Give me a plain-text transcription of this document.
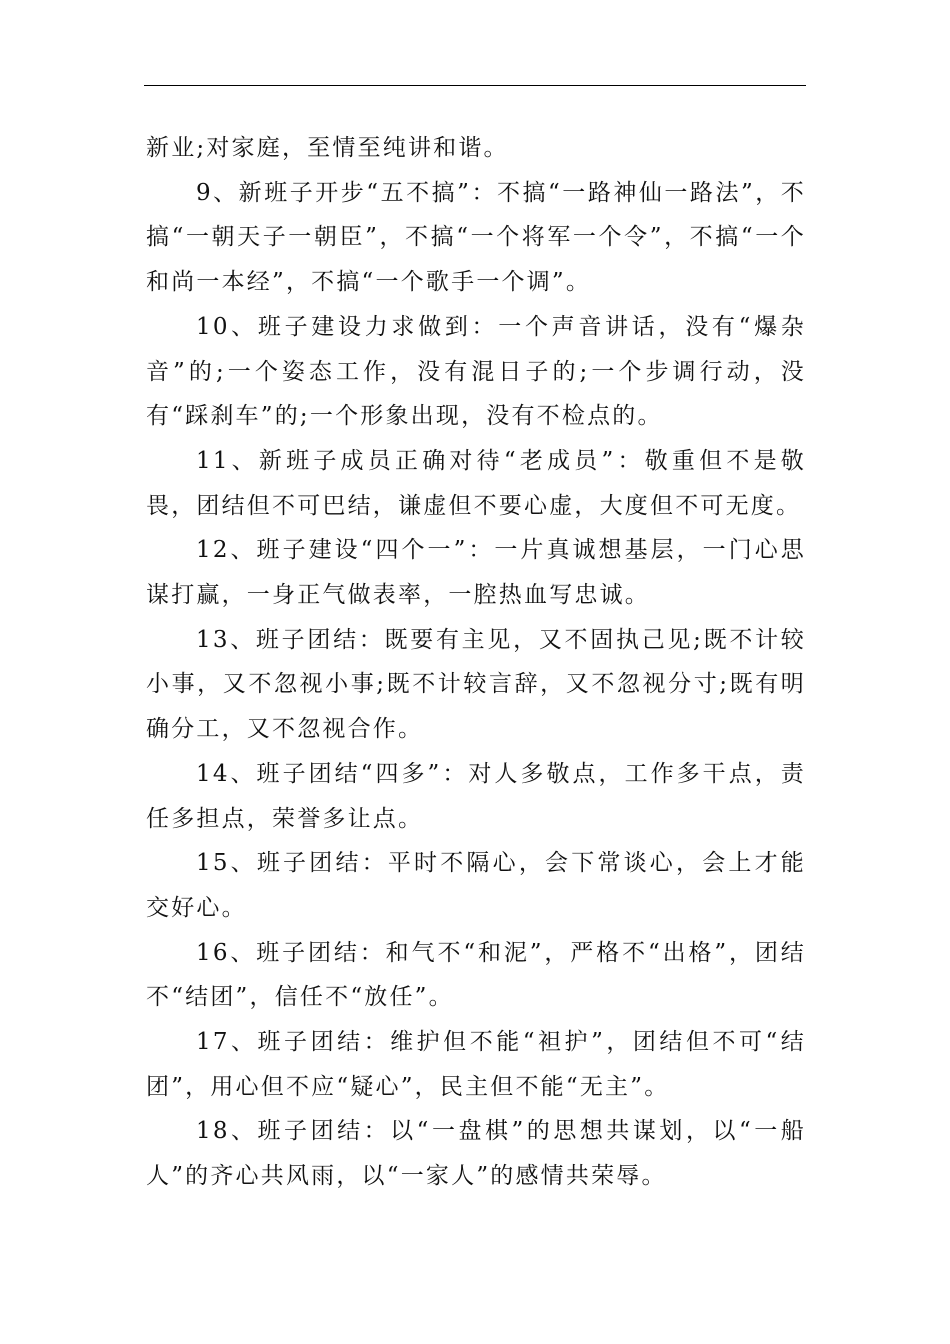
新业;对家庭，至情至纯讲和谐。

9、新班子开步“五不搞”：不搞“一路神仙一路法”，不搞“一朝天子一朝臣”，不搞“一个将军一个令”，不搞“一个和尚一本经”，不搞“一个歌手一个调”。

10、班子建设力求做到：一个声音讲话，没有“爆杂音”的;一个姿态工作，没有混日子的;一个步调行动，没有“踩刹车”的;一个形象出现，没有不检点的。

11、新班子成员正确对待“老成员”：敬重但不是敬畏，团结但不可巴结，谦虚但不要心虚，大度但不可无度。

12、班子建设“四个一”：一片真诚想基层，一门心思谋打赢，一身正气做表率，一腔热血写忠诚。

13、班子团结：既要有主见，又不固执己见;既不计较小事，又不忽视小事;既不计较言辞，又不忽视分寸;既有明确分工，又不忽视合作。

14、班子团结“四多”：对人多敬点，工作多干点，责任多担点，荣誉多让点。

15、班子团结：平时不隔心，会下常谈心，会上才能交好心。

16、班子团结：和气不“和泥”，严格不“出格”，团结不“结团”，信任不“放任”。

17、班子团结：维护但不能“袒护”，团结但不可“结团”，用心但不应“疑心”，民主但不能“无主”。

18、班子团结：以“一盘棋”的思想共谋划，以“一船人”的齐心共风雨，以“一家人”的感情共荣辱。
